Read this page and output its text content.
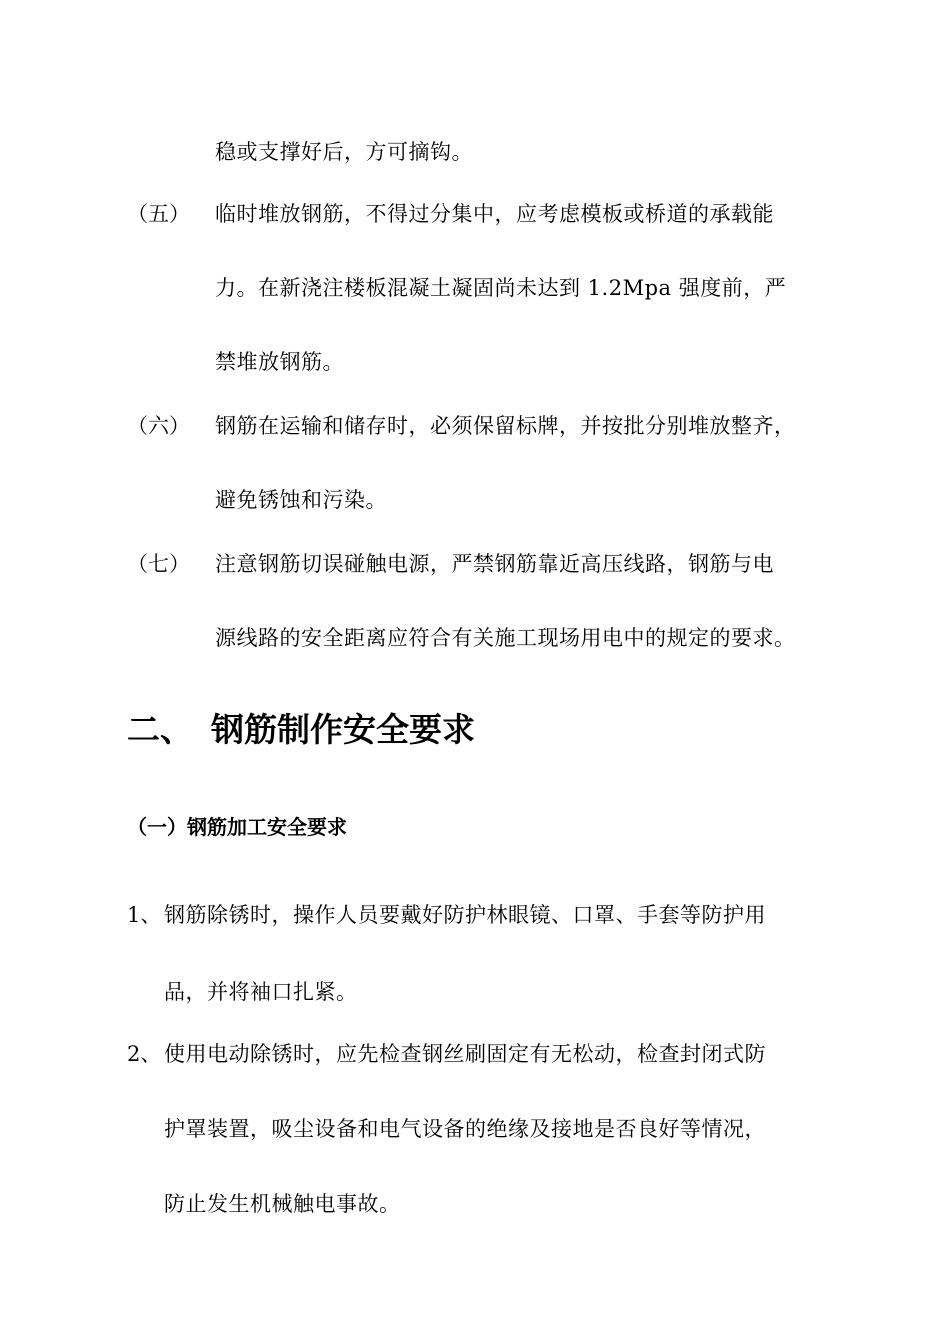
稳或支撑好后，方可摘钩。
（五） 临时堆放钢筋，不得过分集中，应考虑模板或桥道的承载能
力。在新浇注楼板混凝土凝固尚未达到 1.2Mpa 强度前，严
禁堆放钢筋。
（六） 钢筋在运输和储存时，必须保留标牌，并按批分别堆放整齐，
避免锈蚀和污染。
（七） 注意钢筋切误碰触电源，严禁钢筋靠近高压线路，钢筋与电
源线路的安全距离应符合有关施工现场用电中的规定的要求。
二、 钢筋制作安全要求
（一）钢筋加工安全要求
1、 钢筋除锈时，操作人员要戴好防护林眼镜、口罩、手套等防护用
品，并将袖口扎紧。
2、 使用电动除锈时，应先检查钢丝刷固定有无松动，检查封闭式防
护罩装置，吸尘设备和电气设备的绝缘及接地是否良好等情况，
防止发生机械触电事故。
